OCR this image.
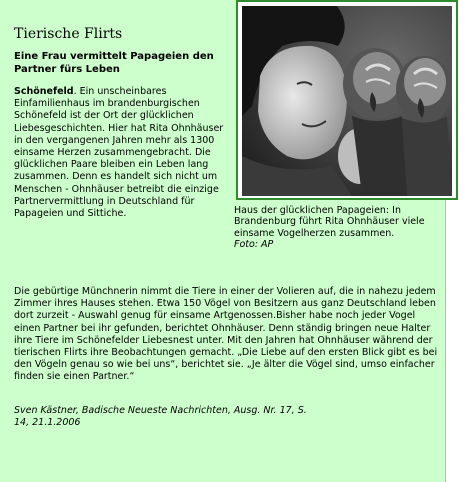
Tierische Flirts
Eine Frau vermittelt Papageien den Partner fürs Leben
Schönefeld. Ein unscheinbares Einfamilienhaus im brandenburgischen Schönefeld ist der Ort der glücklichen Liebesgeschichten. Hier hat Rita Ohnhäuser in den vergangenen Jahren mehr als 1300 einsame Herzen zusammengebracht. Die glücklichen Paare bleiben ein Leben lang zusammen. Denn es handelt sich nicht um Menschen - Ohnhäuser betreibt die einzige Partnervermittlung in Deutschland für Papageien und Sittiche.	Haus der glücklichen Papageien: In Brandenburg führt Rita Ohnhäuser viele einsame Vogelherzen zusammen.
Foto: AP
Die gebürtige Münchnerin nimmt die Tiere in einer der Volieren auf, die in nahezu jedem Zimmer ihres Hauses stehen. Etwa 150 Vögel von Besitzern aus ganz Deutschland leben dort zurzeit - Auswahl genug für einsame Artgenossen.Bisher habe noch jeder Vogel einen Partner bei ihr gefunden, berichtet Ohnhäuser. Denn ständig bringen neue Halter ihre Tiere im Schönefelder Liebesnest unter. Mit den Jahren hat Ohnhäuser während der tierischen Flirts ihre Beobachtungen gemacht. „Die Liebe auf den ersten Blick gibt es bei den Vögeln genau so wie bei uns“, berichtet sie. „Je älter die Vögel sind, umso einfacher finden sie einen Partner.“
Sven Kästner, Badische Neueste Nachrichten, Ausg. Nr. 17, S. 14, 21.1.2006
